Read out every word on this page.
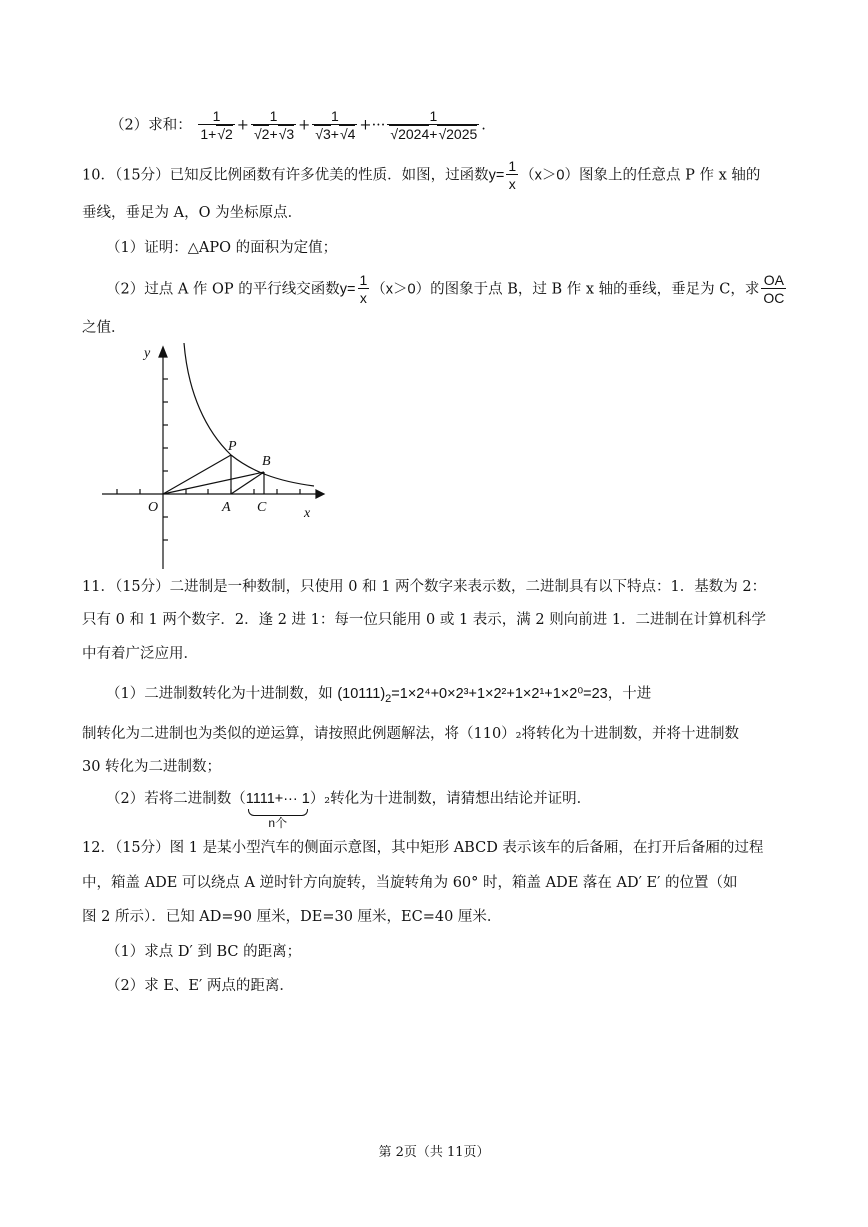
（2）求和： $\frac{1}{1+√2} + \frac{1}{√2+√3} + \frac{1}{√3+√4}$ +··· $\frac{1}{√2024+√2025}$ .
10．（15分）已知反比例函数有许多优美的性质．如图，过函数$y= \frac{1}{x} (x>0)$图象上的任意点 P 作 x 轴的
垂线，垂足为 A，O 为坐标原点．
（1）证明：△APO 的面积为定值；
（2）过点 A 作 OP 的平行线交函数$y= \frac{1}{x} (x>0)$的图象于点 B，过 B 作 x 轴的垂线，垂足为 C，求 $\frac{OA}{OC}$
之值．
y
x
O	A C
P
B
11．（15分）二进制是一种数制，只使用 0 和 1 两个数字来表示数，二进制具有以下特点：1．基数为 2：
只有 0 和 1 两个数字．2．逢 2 进 1：每一位只能用 0 或 1 表示，满 2 则向前进 1．二进制在计算机科学
中有着广泛应用．
（1）二进制数转化为十进制数，如 $(10111)_2=1\times 2^4+0\times 2^3+1\times 2^2+1\times 2^1+1\times 2^0=23$，十进
制转化为二进制也为类似的逆运算，请按照此例题解法，将（110）₂将转化为十进制数，并将十进制数
30 转化为二进制数；
（2）若将二进制数（ 1111+··· 1
n个
）₂转化为十进制数，请猜想出结论并证明．
12．（15分）图 1 是某小型汽车的侧面示意图，其中矩形 ABCD 表示该车的后备厢，在打开后备厢的过程
中，箱盖 ADE 可以绕点 A 逆时针方向旋转，当旋转角为 60° 时，箱盖 ADE 落在 AD′ E′ 的位置（如
图 2 所示）．已知 AD=90 厘米，DE=30 厘米，EC=40 厘米．
（1）求点 D′ 到 BC 的距离；
（2）求 E、E′ 两点的距离．
第 2页（共 11页）
